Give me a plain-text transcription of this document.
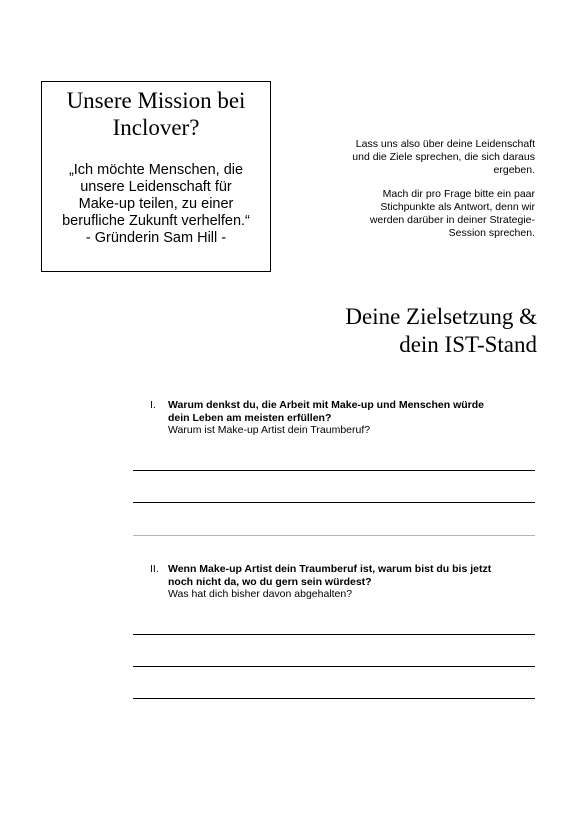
Unsere Mission bei
Inclover?
„Ich möchte Menschen, die
unsere Leidenschaft für
Make-up teilen, zu einer
berufliche Zukunft verhelfen.“
- Gründerin Sam Hill -

Lass uns also über deine Leidenschaft
und die Ziele sprechen, die sich daraus
ergeben.

Mach dir pro Frage bitte ein paar
Stichpunkte als Antwort, denn wir
werden darüber in deiner Strategie-
Session sprechen.

Deine Zielsetzung &
dein IST-Stand
I. Warum denkst du, die Arbeit mit Make-up und Menschen würde
dein Leben am meisten erfüllen?
Warum ist Make-up Artist dein Traumberuf?
II. Wenn Make-up Artist dein Traumberuf ist, warum bist du bis jetzt
noch nicht da, wo du gern sein würdest?
Was hat dich bisher davon abgehalten?
